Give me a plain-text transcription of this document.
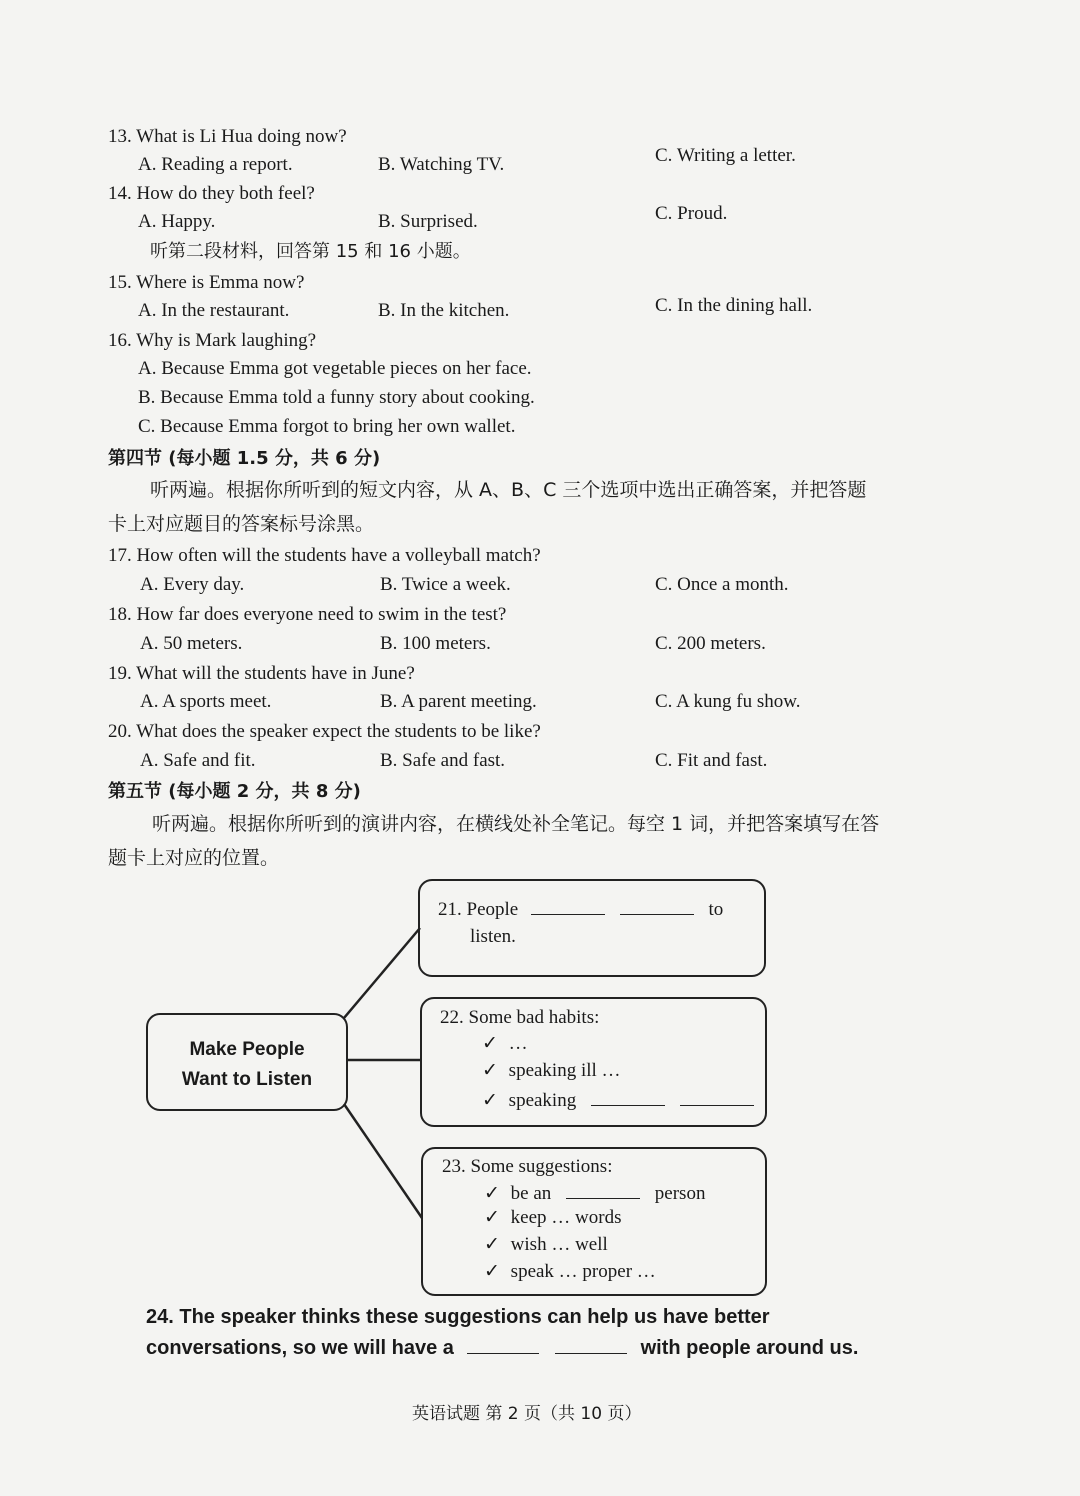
13. What is Li Hua doing now?
A. Reading a report.	B. Watching TV.	C. Writing a letter.
14. How do they both feel?
A. Happy.	B. Surprised.	C. Proud.
听第二段材料，回答第 15 和 16 小题。
15. Where is Emma now?
A. In the restaurant.	B. In the kitchen.	C. In the dining hall.
16. Why is Mark laughing?
A. Because Emma got vegetable pieces on her face.
B. Because Emma told a funny story about cooking.
C. Because Emma forgot to bring her own wallet.
第四节 (每小题 1.5 分，共 6 分)
听两遍。根据你所听到的短文内容，从 A、B、C 三个选项中选出正确答案，并把答题
卡上对应题目的答案标号涂黑。
17. How often will the students have a volleyball match?
A. Every day.	B. Twice a week.	C. Once a month.
18. How far does everyone need to swim in the test?
A. 50 meters.	B. 100 meters.	C. 200 meters.
19. What will the students have in June?
A. A sports meet.	B. A parent meeting.	C. A kung fu show.
20. What does the speaker expect the students to be like?
A. Safe and fit.	B. Safe and fast.	C. Fit and fast.
第五节 (每小题 2 分，共 8 分)
听两遍。根据你所听到的演讲内容，在横线处补全笔记。每空 1 词，并把答案填写在答
题卡上对应的位置。
Make People
Want to Listen
21. People	to
listen.
22. Some bad habits:
✓ …
✓ speaking ill …
✓ speaking
23. Some suggestions:
✓ be an	person
✓ keep … words
✓ wish … well
✓ speak … proper …
24. The speaker thinks these suggestions can help us have better
conversations, so we will have a	with people around us.
英语试题 第 2 页（共 10 页）
